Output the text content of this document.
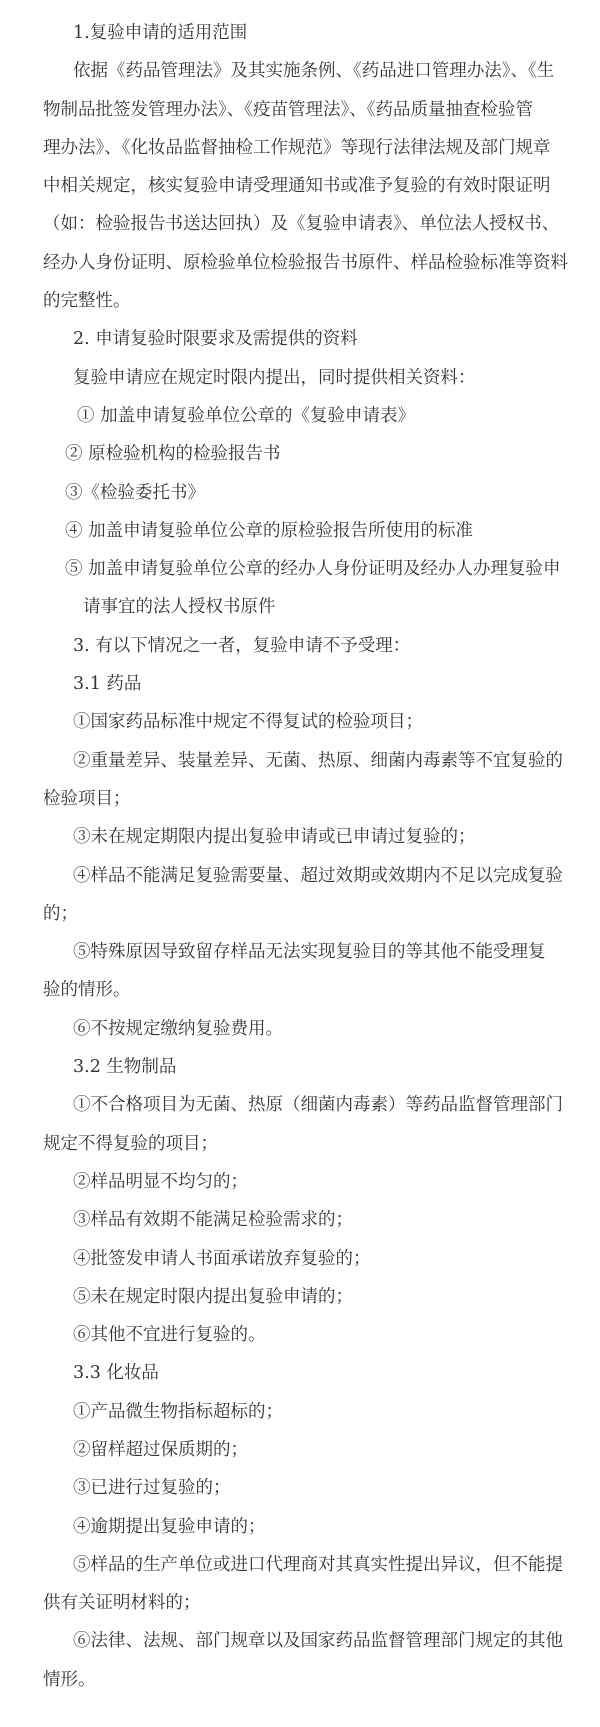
1.复验申请的适用范围
依据《药品管理法》及其实施条例、《药品进口管理办法》、《生
物制品批签发管理办法》、《疫苗管理法》、《药品质量抽查检验管
理办法》、《化妆品监督抽检工作规范》等现行法律法规及部门规章
中相关规定，核实复验申请受理通知书或准予复验的有效时限证明
（如：检验报告书送达回执）及《复验申请表》、单位法人授权书、
经办人身份证明、原检验单位检验报告书原件、样品检验标准等资料
的完整性。
2. 申请复验时限要求及需提供的资料
复验申请应在规定时限内提出，同时提供相关资料：
① 加盖申请复验单位公章的《复验申请表》
② 原检验机构的检验报告书
③《检验委托书》
④ 加盖申请复验单位公章的原检验报告所使用的标准
⑤ 加盖申请复验单位公章的经办人身份证明及经办人办理复验申
请事宜的法人授权书原件
3. 有以下情况之一者，复验申请不予受理：
3.1 药品
①国家药品标准中规定不得复试的检验项目；
②重量差异、装量差异、无菌、热原、细菌内毒素等不宜复验的
检验项目；
③未在规定期限内提出复验申请或已申请过复验的；
④样品不能满足复验需要量、超过效期或效期内不足以完成复验
的；
⑤特殊原因导致留存样品无法实现复验目的等其他不能受理复
验的情形。
⑥不按规定缴纳复验费用。
3.2 生物制品
①不合格项目为无菌、热原（细菌内毒素）等药品监督管理部门
规定不得复验的项目；
②样品明显不均匀的；
③样品有效期不能满足检验需求的；
④批签发申请人书面承诺放弃复验的；
⑤未在规定时限内提出复验申请的；
⑥其他不宜进行复验的。
3.3 化妆品
①产品微生物指标超标的；
②留样超过保质期的；
③已进行过复验的；
④逾期提出复验申请的；
⑤样品的生产单位或进口代理商对其真实性提出异议，但不能提
供有关证明材料的；
⑥法律、法规、部门规章以及国家药品监督管理部门规定的其他
情形。
